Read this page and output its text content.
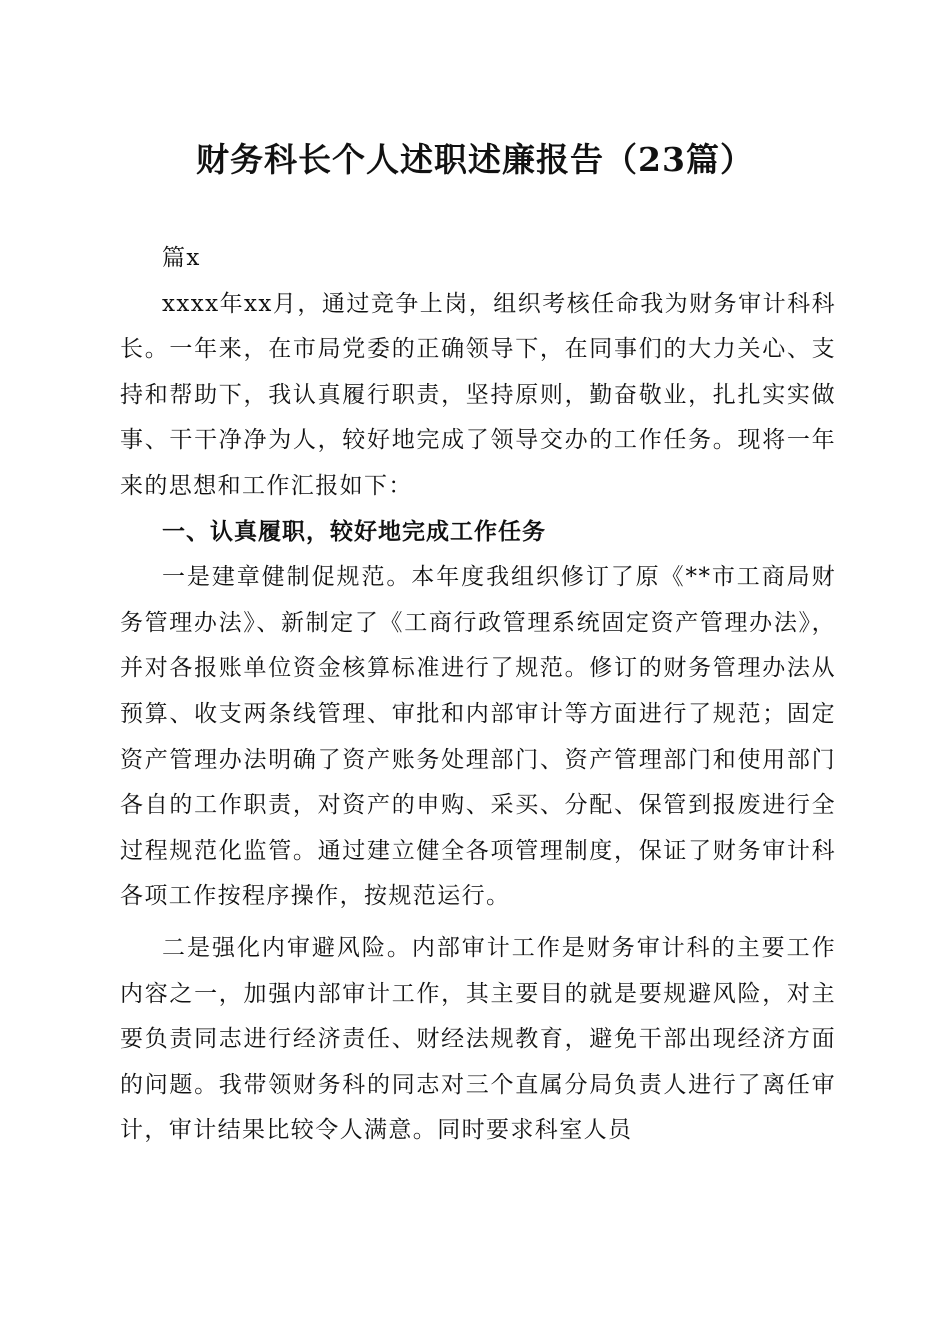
财务科长个人述职述廉报告（23篇）

篇x

xxxx年xx月，通过竞争上岗，组织考核任命我为财务审计科科长。一年来，在市局党委的正确领导下，在同事们的大力关心、支持和帮助下，我认真履行职责，坚持原则，勤奋敬业，扎扎实实做事、干干净净为人，较好地完成了领导交办的工作任务。现将一年来的思想和工作汇报如下：

一、认真履职，较好地完成工作任务

一是建章健制促规范。本年度我组织修订了原《**市工商局财务管理办法》、新制定了《工商行政管理系统固定资产管理办法》，并对各报账单位资金核算标准进行了规范。修订的财务管理办法从预算、收支两条线管理、审批和内部审计等方面进行了规范；固定资产管理办法明确了资产账务处理部门、资产管理部门和使用部门各自的工作职责，对资产的申购、采买、分配、保管到报废进行全过程规范化监管。通过建立健全各项管理制度，保证了财务审计科各项工作按程序操作，按规范运行。

二是强化内审避风险。内部审计工作是财务审计科的主要工作内容之一，加强内部审计工作，其主要目的就是要规避风险，对主要负责同志进行经济责任、财经法规教育，避免干部出现经济方面的问题。我带领财务科的同志对三个直属分局负责人进行了离任审计，审计结果比较令人满意。同时要求科室人员
